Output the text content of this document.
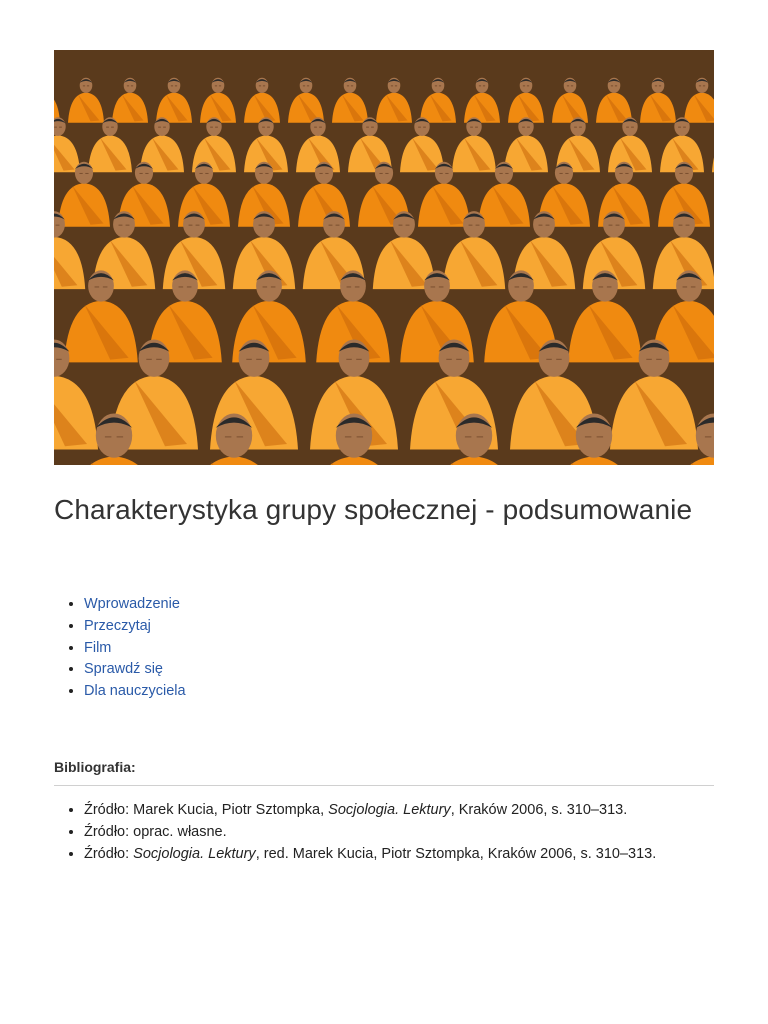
Charakterystyka grupy społecznej - podsumowanie
• Wprowadzenie
• Przeczytaj
• Film
• Sprawdź się
• Dla nauczyciela

Bibliografia:

• Źródło: Marek Kucia, Piotr Sztompka, Socjologia. Lektury, Kraków 2006, s. 310–313.
• Źródło: oprac. własne.
• Źródło: Socjologia. Lektury, red. Marek Kucia, Piotr Sztompka, Kraków 2006, s. 310–313.
